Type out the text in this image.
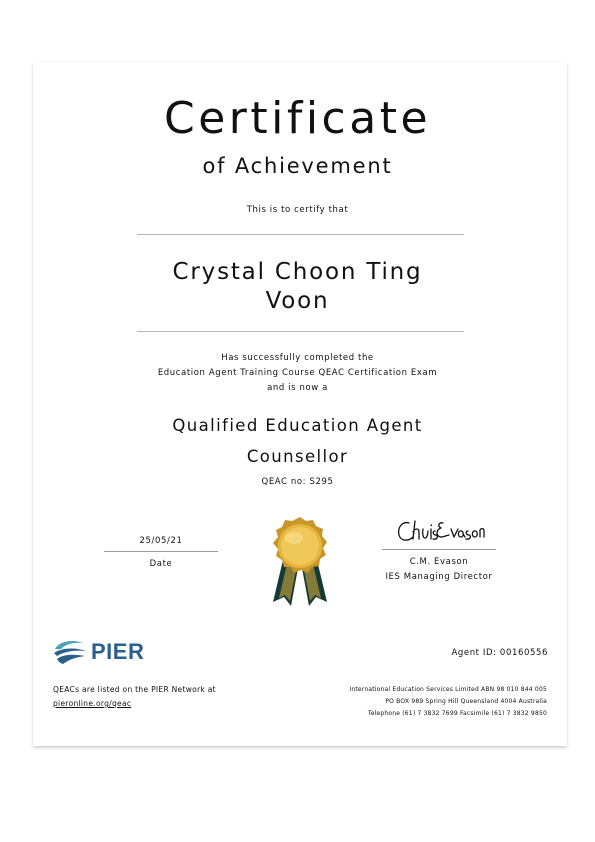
Certificate
of Achievement
This is to certify that
Crystal Choon Ting
Voon
Has successfully completed the
Education Agent Training Course QEAC Certification Exam
and is now a
Qualified Education Agent
Counsellor
QEAC no: S295
25/05/21
Date	C.M. Evason
IES Managing Director
PIER	Agent ID: 00160556
QEACs are listed on the PIER Network at
pieronline.org/qeac
International Education Services Limited ABN 98 010 844 005
PO BOX 989 Spring Hill Queensland 4004 Australia
Telephone (61) 7 3832 7699 Facsimile (61) 7 3832 9850
